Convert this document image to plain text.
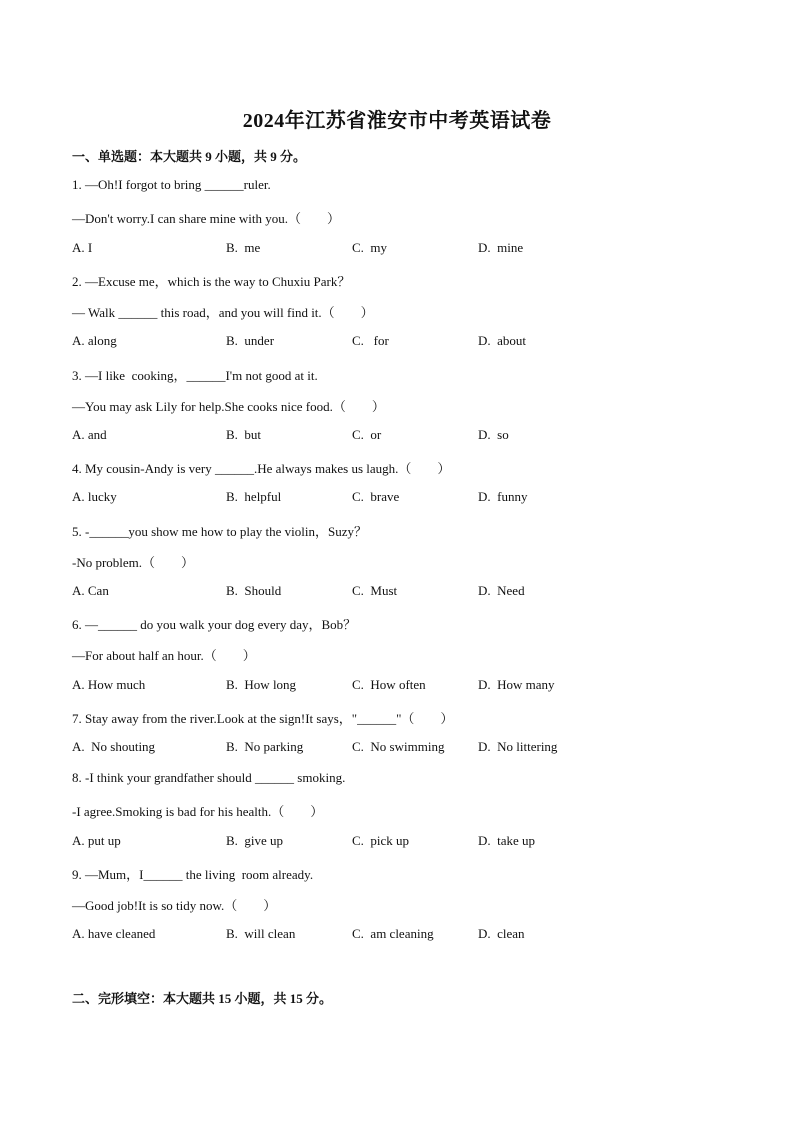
2024年江苏省淮安市中考英语试卷
一、单选题：本大题共 9 小题，共 9 分。
1. —Oh!I forgot to bring ______ruler.
—Don't worry.I can share mine with you.（　　）
A. I	B.  me	C.  my	D.  mine
2. —Excuse me，which is the way to Chuxiu Park？
— Walk ______ this road，and you will find it.（　　）
A. along	B.  under	C.   for	D.  about
3. —I like  cooking，______I'm not good at it.
—You may ask Lily for help.She cooks nice food.（　　）
A. and	B.  but	C.  or	D.  so
4. My cousin-Andy is very ______.He always makes us laugh.（　　）
A. lucky	B.  helpful	C.  brave	D.  funny
5. -______you show me how to play the violin，Suzy？
-No problem.（　　）
A. Can	B.  Should	C.  Must	D.  Need
6. —______ do you walk your dog every day，Bob？
—For about half an hour.（　　）
A. How much	B.  How long	C.  How often	D.  How many
7. Stay away from the river.Look at the sign!It says，"______"（　　）
A.  No shouting	B.  No parking	C.  No swimming	D.  No littering
8. -I think your grandfather should ______ smoking.
-I agree.Smoking is bad for his health.（　　）
A. put up	B.  give up	C.  pick up	D.  take up
9. —Mum，I______ the living  room already.
—Good job!It is so tidy now.（　　）
A. have cleaned	B.  will clean	C.  am cleaning	D.  clean
二、完形填空：本大题共 15 小题，共 15 分。
